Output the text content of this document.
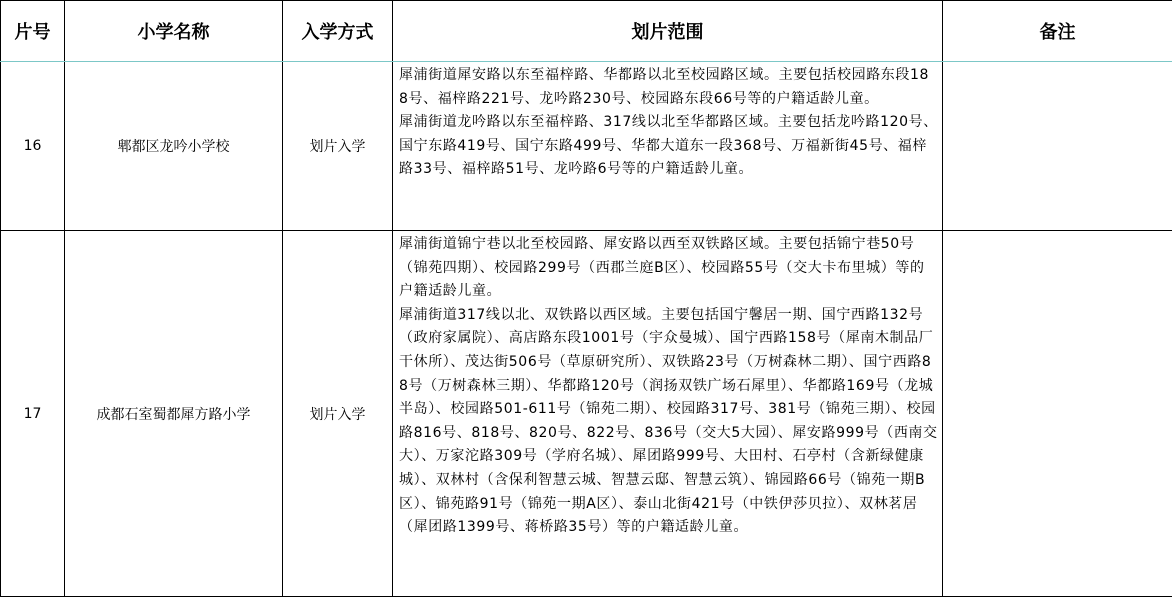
片号	小学名称	入学方式	划片范围	备注
16	郫都区龙吟小学校	划片入学	犀浦街道犀安路以东至福梓路、华都路以北至校园路区域。主要包括校园路东段188号、福梓路221号、龙吟路230号、校园路东段66号等的户籍适龄儿童。

犀浦街道龙吟路以东至福梓路、317线以北至华都路区域。主要包括龙吟路120号、国宁东路419号、国宁东路499号、华都大道东一段368号、万福新街45号、福梓路33号、福梓路51号、龙吟路6号等的户籍适龄儿童。	

17	成都石室蜀都犀方路小学	划片入学	犀浦街道锦宁巷以北至校园路、犀安路以西至双铁路区域。主要包括锦宁巷50号（锦苑四期）、校园路299号（西郡兰庭B区）、校园路55号（交大卡布里城）等的户籍适龄儿童。

犀浦街道317线以北、双铁路以西区域。主要包括国宁馨居一期、国宁西路132号（政府家属院）、高店路东段1001号（宇众曼城）、国宁西路158号（犀南木制品厂干休所）、茂达街506号（草原研究所）、双铁路23号（万树森林二期）、国宁西路88号（万树森林三期）、华都路120号（润扬双铁广场石犀里）、华都路169号（龙城半岛）、校园路501-611号（锦苑二期）、校园路317号、381号（锦苑三期）、校园路816号、818号、820号、822号、836号（交大5大园）、犀安路999号（西南交大）、万家沱路309号（学府名城）、犀团路999号、大田村、石亭村（含新绿健康城）、双林村（含保利智慧云城、智慧云邸、智慧云筑）、锦园路66号（锦苑一期B区）、锦苑路91号（锦苑一期A区）、泰山北街421号（中铁伊莎贝拉）、双林茗居（犀团路1399号、蒋桥路35号）等的户籍适龄儿童。	
